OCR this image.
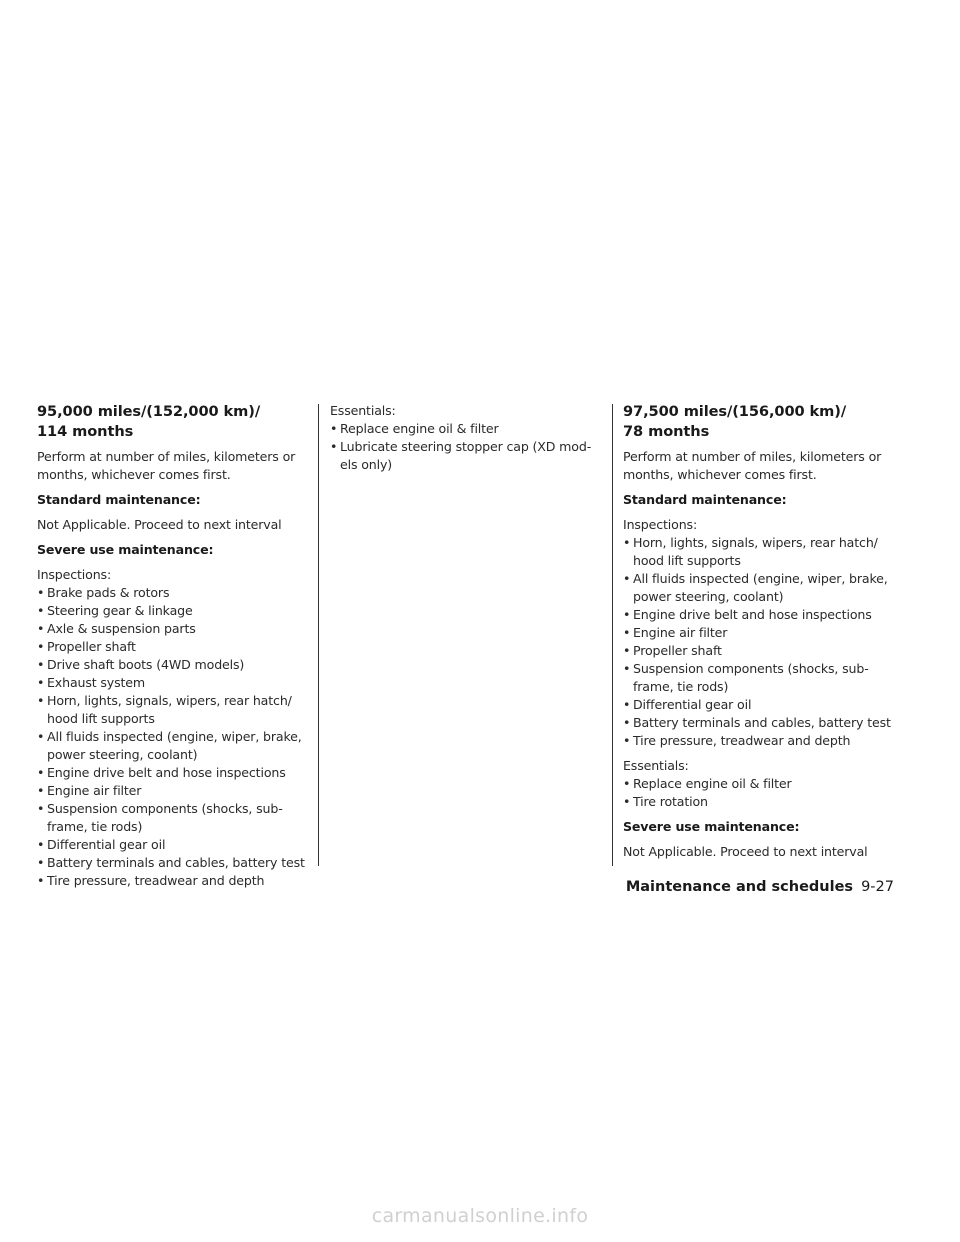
95,000 miles/(152,000 km)/
114 months

Perform at number of miles, kilometers or months, whichever comes first.

Standard maintenance:

Not Applicable. Proceed to next interval

Severe use maintenance:

Inspections:

• Brake pads & rotors
• Steering gear & linkage
• Axle & suspension parts
• Propeller shaft
• Drive shaft boots (4WD models)
• Exhaust system
• Horn, lights, signals, wipers, rear hatch/ hood lift supports
• All fluids inspected (engine, wiper, brake, power steering, coolant)
• Engine drive belt and hose inspections
• Engine air filter
• Suspension components (shocks, sub- frame, tie rods)
• Differential gear oil
• Battery terminals and cables, battery test
• Tire pressure, treadwear and depth

Essentials:

• Replace engine oil & filter
• Lubricate steering stopper cap (XD mod- els only)
97,500 miles/(156,000 km)/
78 months

Perform at number of miles, kilometers or months, whichever comes first.

Standard maintenance:

Inspections:

• Horn, lights, signals, wipers, rear hatch/ hood lift supports
• All fluids inspected (engine, wiper, brake, power steering, coolant)
• Engine drive belt and hose inspections
• Engine air filter
• Propeller shaft
• Suspension components (shocks, sub- frame, tie rods)
• Differential gear oil
• Battery terminals and cables, battery test
• Tire pressure, treadwear and depth

Essentials:

• Replace engine oil & filter
• Tire rotation

Severe use maintenance:

Not Applicable. Proceed to next interval

Maintenance and schedules 9-27
carmanualsonline.info
